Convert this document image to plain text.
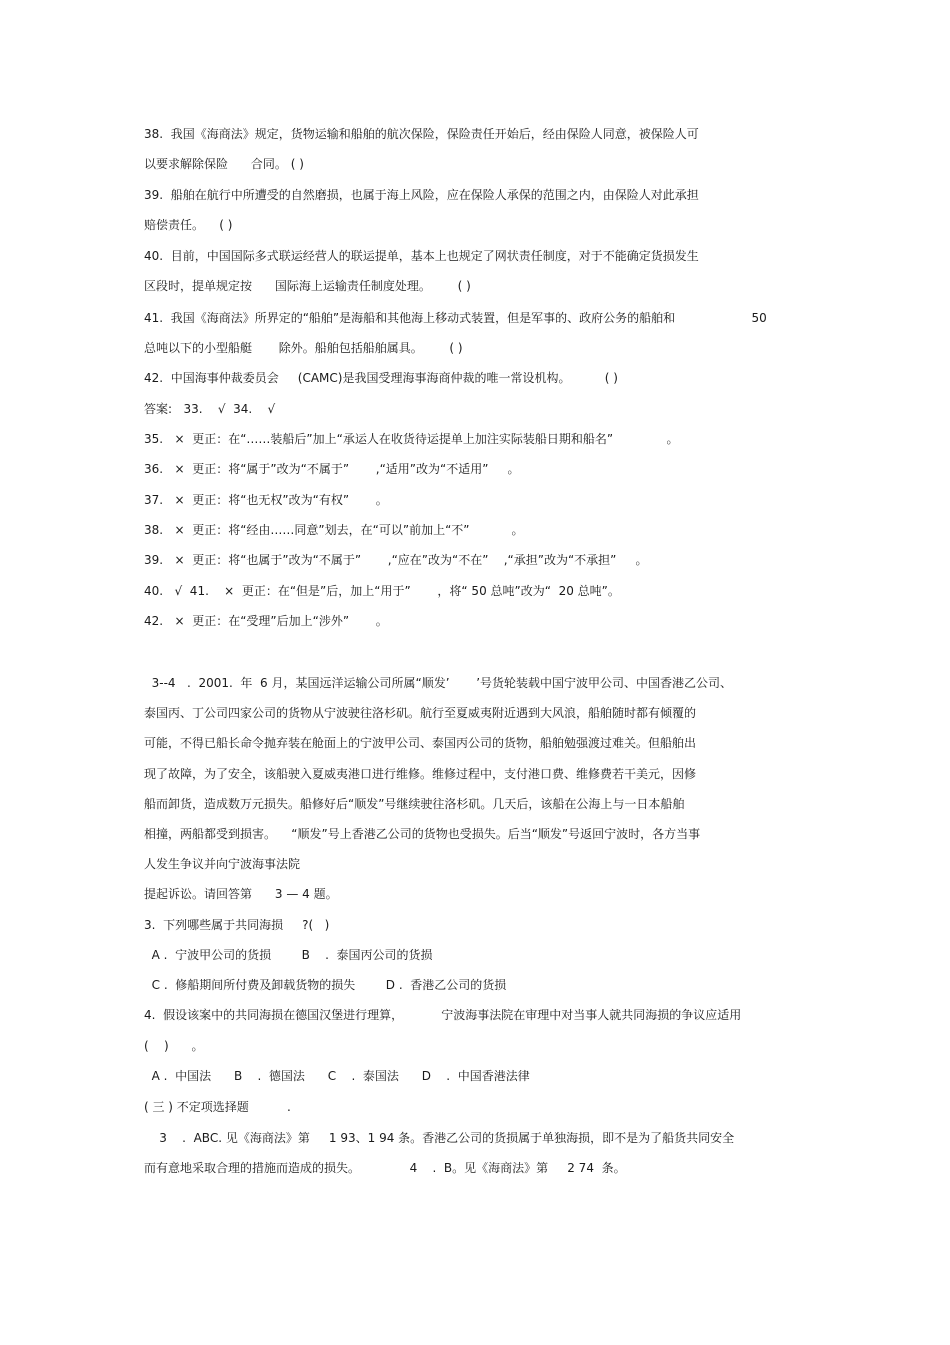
38.  我国《海商法》规定，货物运输和船舶的航次保险，保险责任开始后，经由保险人同意，被保险人可
以要求解除保险      合同。 ( )
39.  船舶在航行中所遭受的自然磨损，也属于海上风险，应在保险人承保的范围之内，由保险人对此承担
赔偿责任。    ( )
40.  目前，中国国际多式联运经营人的联运提单，基本上也规定了网状责任制度，对于不能确定货损发生
区段时，提单规定按      国际海上运输责任制度处理。       ( )
41.  我国《海商法》所界定的“船舶”是海船和其他海上移动式装置，但是军事的、政府公务的船舶和                    50
总吨以下的小型船艇       除外。船舶包括船舶属具。       ( )
42.  中国海事仲裁委员会     (CAMC)是我国受理海事海商仲裁的唯一常设机构。         ( )
答案:   33.    √  34.    √
35.   ×  更正：在“……装船后”加上“承运人在收货待运提单上加注实际装船日期和船名”              。
36.   ×  更正：将“属于”改为“不属于”       ,“适用”改为“不适用”     。
37.   ×  更正：将“也无权”改为“有权”       。
38.   ×  更正：将“经由……同意”划去，在“可以”前加上“不”           。
39.   ×  更正：将“也属于”改为“不属于”       ,“应在”改为“不在”    ,“承担”改为“不承担”     。
40.   √  41.    ×  更正：在“但是”后，加上“用于”       ，将“ 50 总吨”改为“  20 总吨”。
42.   ×  更正：在“受理”后加上“涉外”       。
3--4   .  2001.  年  6 月，某国远洋运输公司所属“顺发’       ’号货轮装载中国宁波甲公司、中国香港乙公司、
泰国丙、丁公司四家公司的货物从宁波驶往洛杉矶。航行至夏威夷附近遇到大风浪，船舶随时都有倾覆的
可能，不得已船长命令抛弃装在舱面上的宁波甲公司、泰国丙公司的货物，船舶勉强渡过难关。但船舶出
现了故障，为了安全，该船驶入夏威夷港口进行维修。维修过程中，支付港口费、维修费若干美元，因修
船而卸货，造成数万元损失。船修好后“顺发”号继续驶往洛杉矶。几天后，该船在公海上与一日本船舶
相撞，两船都受到损害。    “顺发”号上香港乙公司的货物也受损失。后当“顺发”号返回宁波时，各方当事
人发生争议并向宁波海事法院
提起诉讼。请回答第      3 — 4 题。
3.  下列哪些属于共同海损     ?(   )
A .  宁波甲公司的货损        B    .  泰国丙公司的货损
C .  修船期间所付费及卸载货物的损失        D .  香港乙公司的货损
4.  假设该案中的共同海损在德国汉堡进行理算，          宁波海事法院在审理中对当事人就共同海损的争议应适用
(    )      。
A .  中国法      B    .  德国法      C    .  泰国法      D    .  中国香港法律
( 三 ) 不定项选择题          .
3    .  ABC. 见《海商法》第     1 93、1 94 条。香港乙公司的货损属于单独海损，即不是为了船货共同安全
而有意地采取合理的措施而造成的损失。             4    .  B。见《海商法》第     2 74  条。
